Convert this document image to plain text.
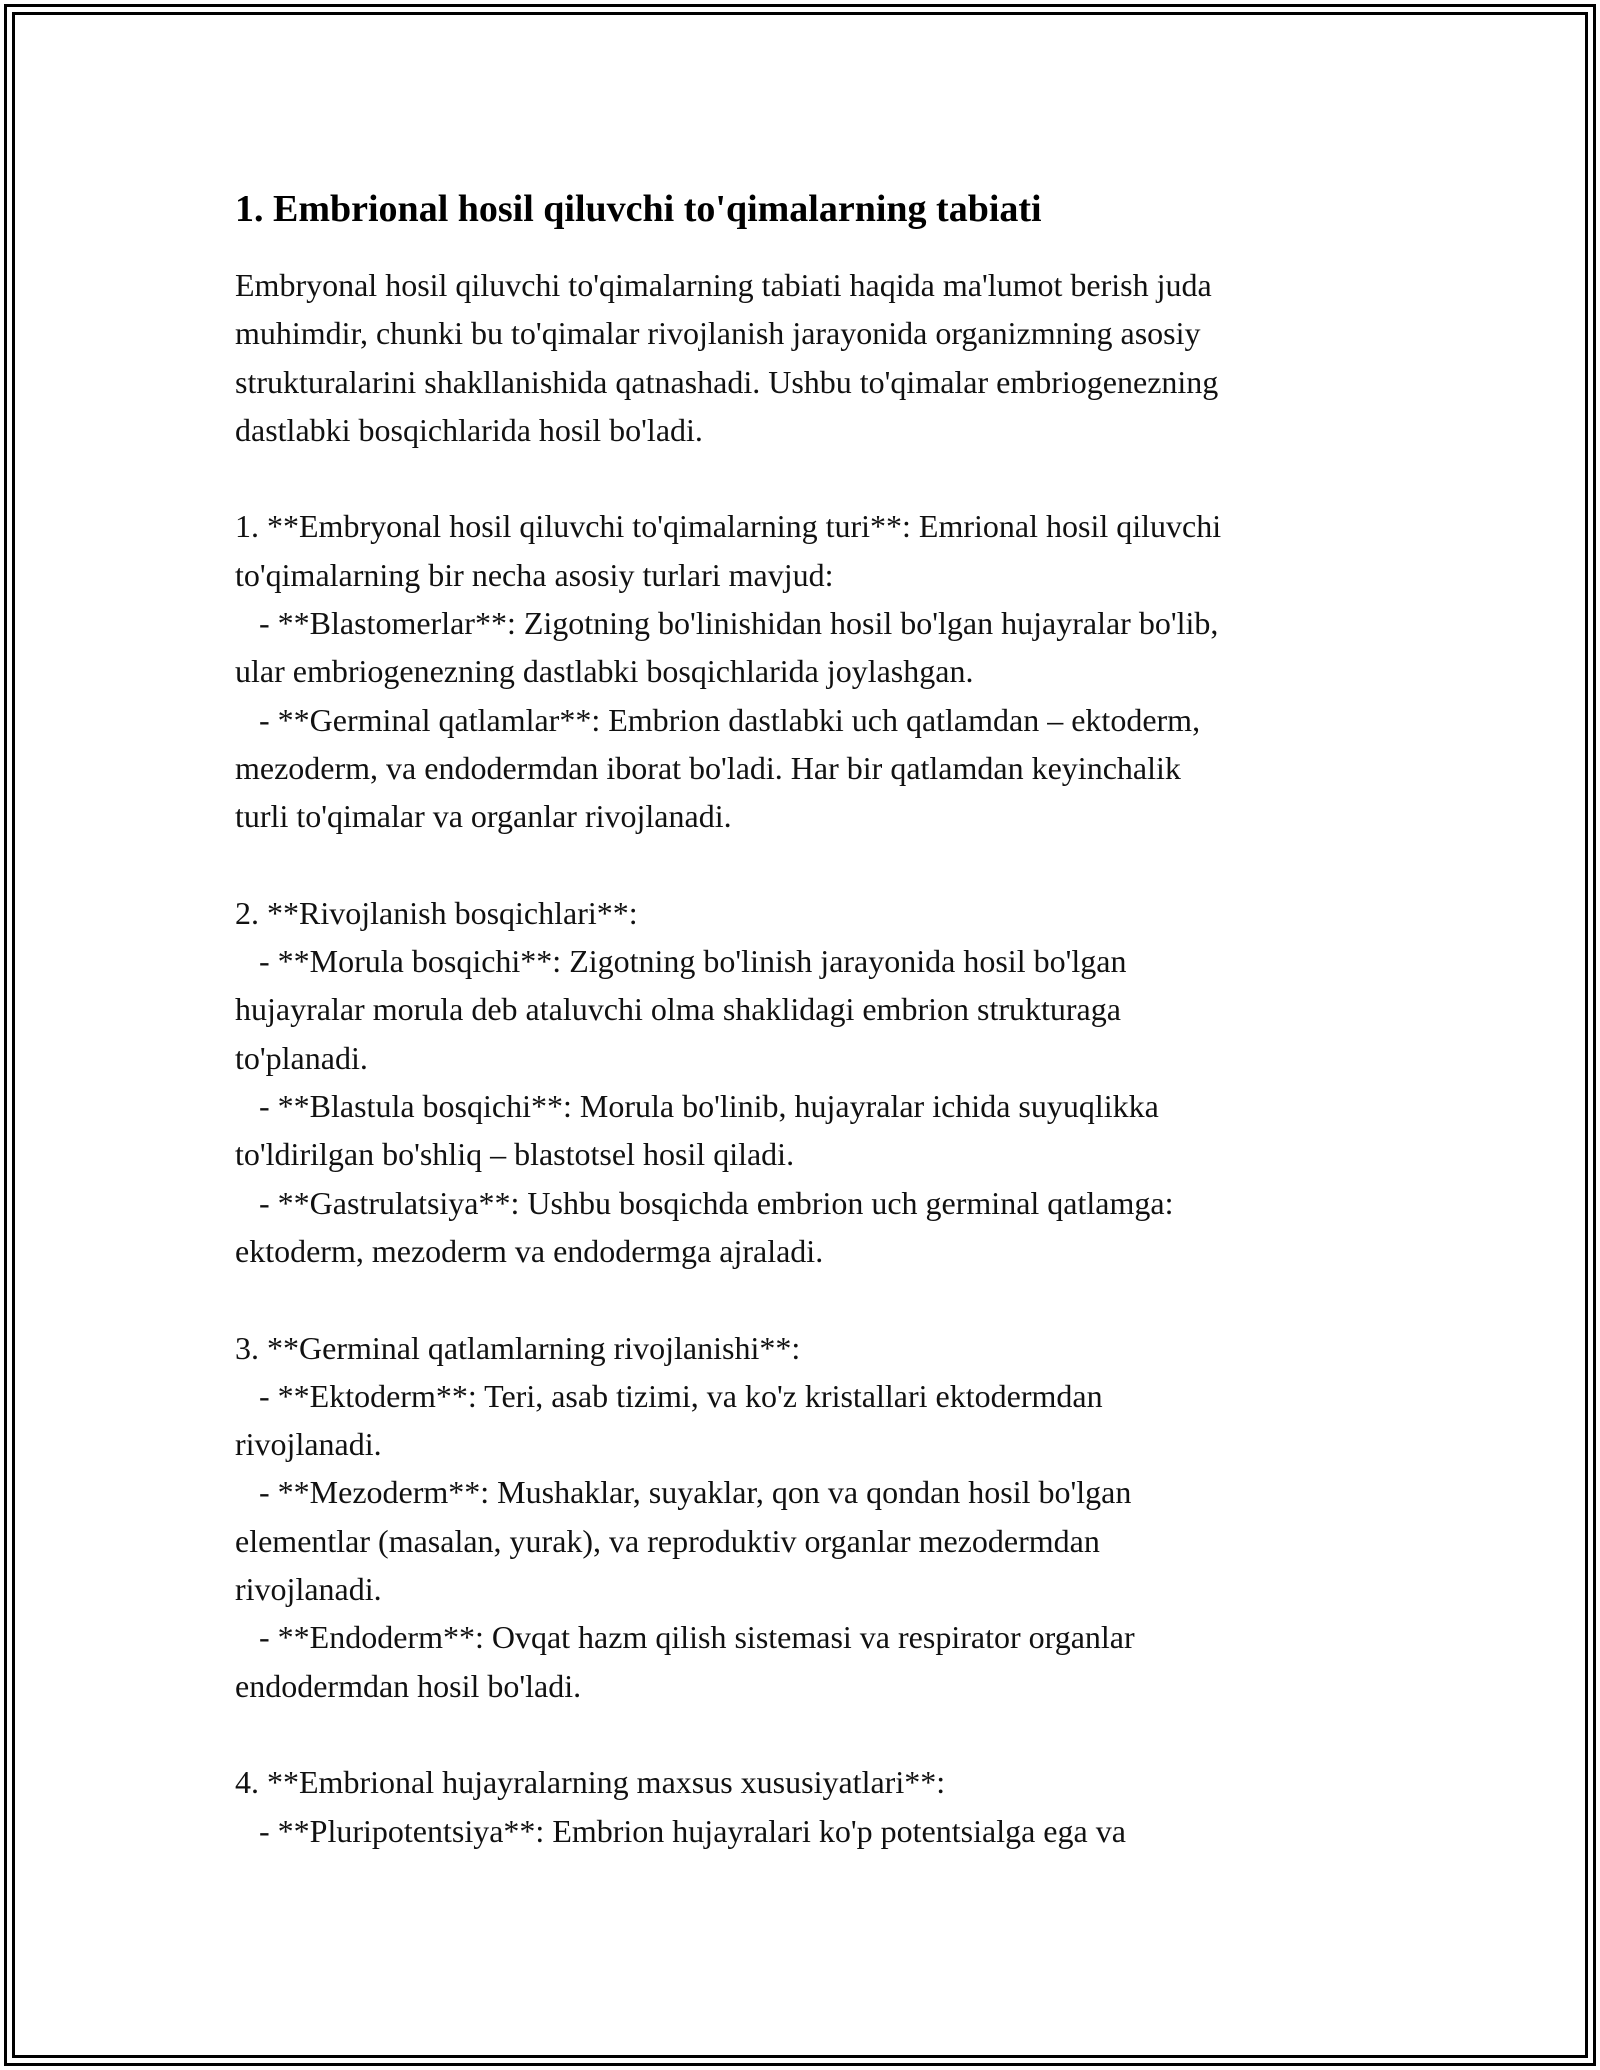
1. Embrional hosil qiluvchi to'qimalarning tabiati

Embryonal hosil qiluvchi to'qimalarning tabiati haqida ma'lumot berish juda
muhimdir, chunki bu to'qimalar rivojlanish jarayonida organizmning asosiy
strukturalarini shakllanishida qatnashadi. Ushbu to'qimalar embriogenezning
dastlabki bosqichlarida hosil bo'ladi.

1. **Embryonal hosil qiluvchi to'qimalarning turi**: Emrional hosil qiluvchi
to'qimalarning bir necha asosiy turlari mavjud:
- **Blastomerlar**: Zigotning bo'linishidan hosil bo'lgan hujayralar bo'lib,
ular embriogenezning dastlabki bosqichlarida joylashgan.
- **Germinal qatlamlar**: Embrion dastlabki uch qatlamdan – ektoderm,
mezoderm, va endodermdan iborat bo'ladi. Har bir qatlamdan keyinchalik
turli to'qimalar va organlar rivojlanadi.

2. **Rivojlanish bosqichlari**:
- **Morula bosqichi**: Zigotning bo'linish jarayonida hosil bo'lgan
hujayralar morula deb ataluvchi olma shaklidagi embrion strukturaga
to'planadi.
- **Blastula bosqichi**: Morula bo'linib, hujayralar ichida suyuqlikka
to'ldirilgan bo'shliq – blastotsel hosil qiladi.
- **Gastrulatsiya**: Ushbu bosqichda embrion uch germinal qatlamga:
ektoderm, mezoderm va endodermga ajraladi.

3. **Germinal qatlamlarning rivojlanishi**:
- **Ektoderm**: Teri, asab tizimi, va ko'z kristallari ektodermdan
rivojlanadi.
- **Mezoderm**: Mushaklar, suyaklar, qon va qondan hosil bo'lgan
elementlar (masalan, yurak), va reproduktiv organlar mezodermdan
rivojlanadi.
- **Endoderm**: Ovqat hazm qilish sistemasi va respirator organlar
endodermdan hosil bo'ladi.

4. **Embrional hujayralarning maxsus xususiyatlari**:
- **Pluripotentsiya**: Embrion hujayralari ko'p potentsialga ega va
